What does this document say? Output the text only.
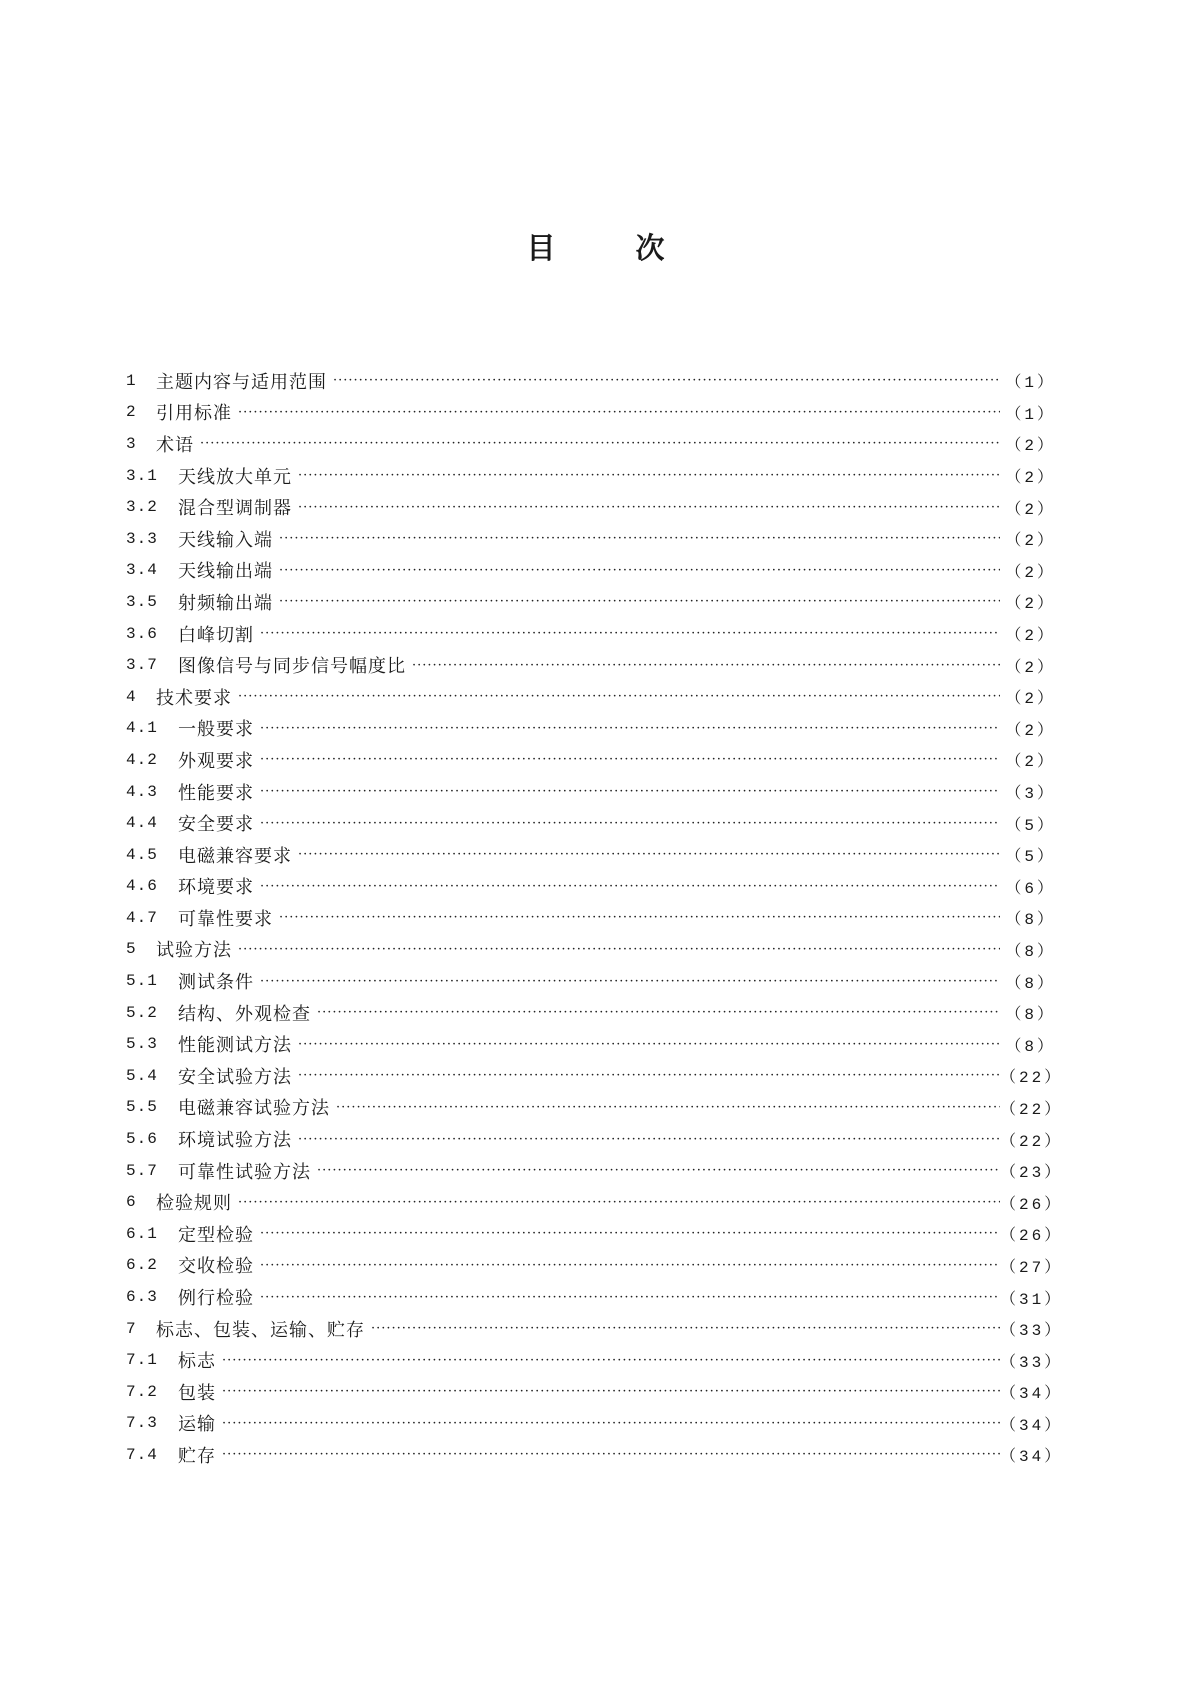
目	次
1	主题内容与适用范围 ·····	（1）
2	引用标准 ·····	（1）
3	术语 ·····	（2）
3.1	天线放大单元 ·····	（2）
3.2	混合型调制器 ·····	（2）
3.3	天线输入端 ·····	（2）
3.4	天线输出端 ·····	（2）
3.5	射频输出端 ·····	（2）
3.6	白峰切割 ·····	（2）
3.7	图像信号与同步信号幅度比 ·····	（2）
4	技术要求 ·····	（2）
4.1	一般要求 ·····	（2）
4.2	外观要求 ·····	（2）
4.3	性能要求 ·····	（3）
4.4	安全要求 ·····	（5）
4.5	电磁兼容要求 ·····	（5）
4.6	环境要求 ·····	（6）
4.7	可靠性要求 ·····	（8）
5	试验方法 ·····	（8）
5.1	测试条件 ·····	（8）
5.2	结构、外观检查 ·····	（8）
5.3	性能测试方法 ·····	（8）
5.4	安全试验方法 ·····	（22）
5.5	电磁兼容试验方法 ·····	（22）
5.6	环境试验方法 ·····	（22）
5.7	可靠性试验方法 ·····	（23）
6	检验规则 ·····	（26）
6.1	定型检验 ·····	（26）
6.2	交收检验 ·····	（27）
6.3	例行检验 ·····	（31）
7	标志、包装、运输、贮存 ·····	（33）
7.1	标志 ·····	（33）
7.2	包装 ·····	（34）
7.3	运输 ·····	（34）
7.4	贮存 ·····	（34）
